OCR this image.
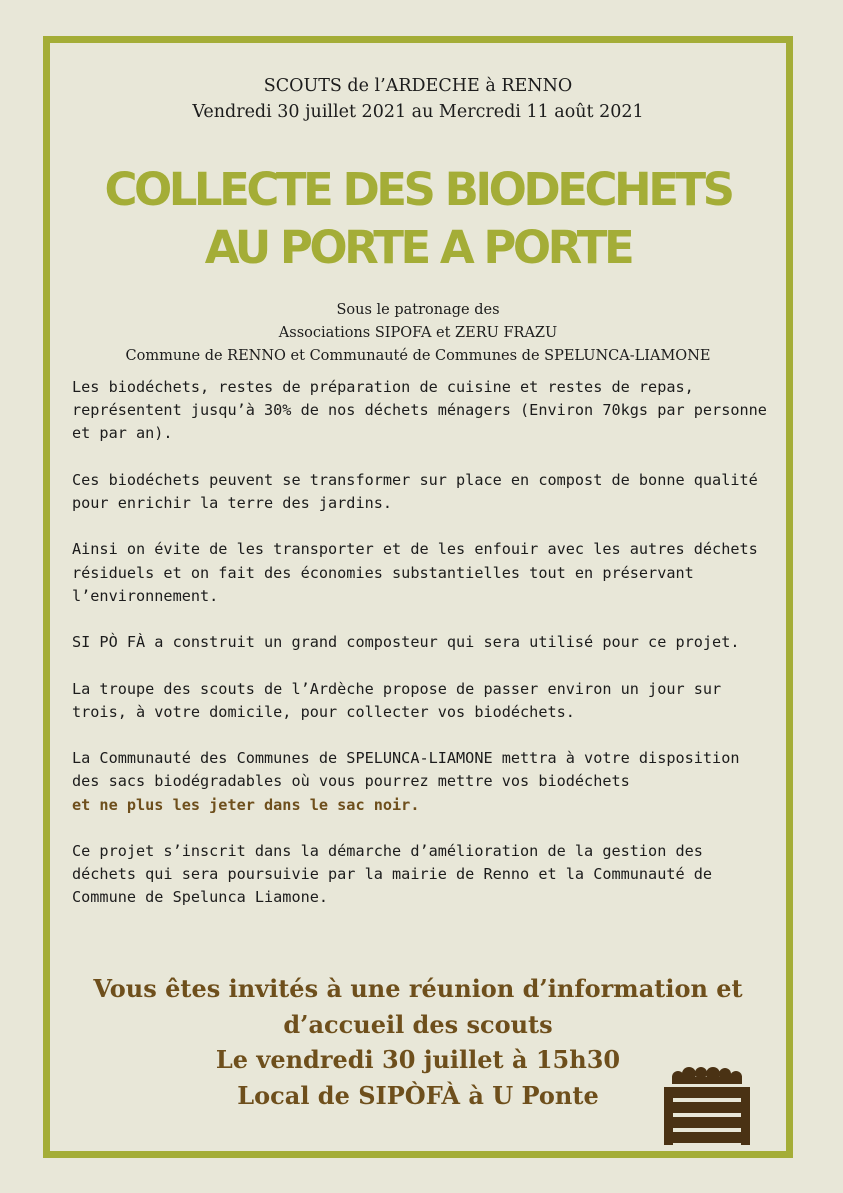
SCOUTS de l’ARDECHE à RENNO
Vendredi 30 juillet 2021 au Mercredi 11 août 2021
COLLECTE DES BIODECHETS
AU PORTE A PORTE
Sous le patronage des
Associations SIPOFA et ZERU FRAZU
Commune de RENNO et Communauté de Communes de SPELUNCA-LIAMONE

Les biodéchets, restes de préparation de cuisine et restes de repas, représentent jusqu’à 30% de nos déchets ménagers (Environ 70kgs par personne et par an).

Ces biodéchets peuvent se transformer sur place en compost de bonne qualité pour enrichir la terre des jardins.

Ainsi on évite de les transporter et de les enfouir avec les autres déchets résiduels et on fait des économies substantielles tout en préservant l’environnement.

SI PÒ FÀ a construit un grand composteur qui sera utilisé pour ce projet.

La troupe des scouts de l’Ardèche propose de passer environ un jour sur trois, à votre domicile, pour collecter vos biodéchets.

La Communauté des Communes de SPELUNCA-LIAMONE mettra à votre disposition des sacs biodégradables où vous pourrez mettre vos biodéchets
et ne plus les jeter dans le sac noir.

Ce projet s’inscrit dans la démarche d’amélioration de la gestion des déchets qui sera poursuivie par la mairie de Renno et la Communauté de Commune de Spelunca Liamone.

Vous êtes invités à une réunion d’information et
d’accueil des scouts
Le vendredi 30 juillet à 15h30
Local de SIPÒFÀ à U Ponte
